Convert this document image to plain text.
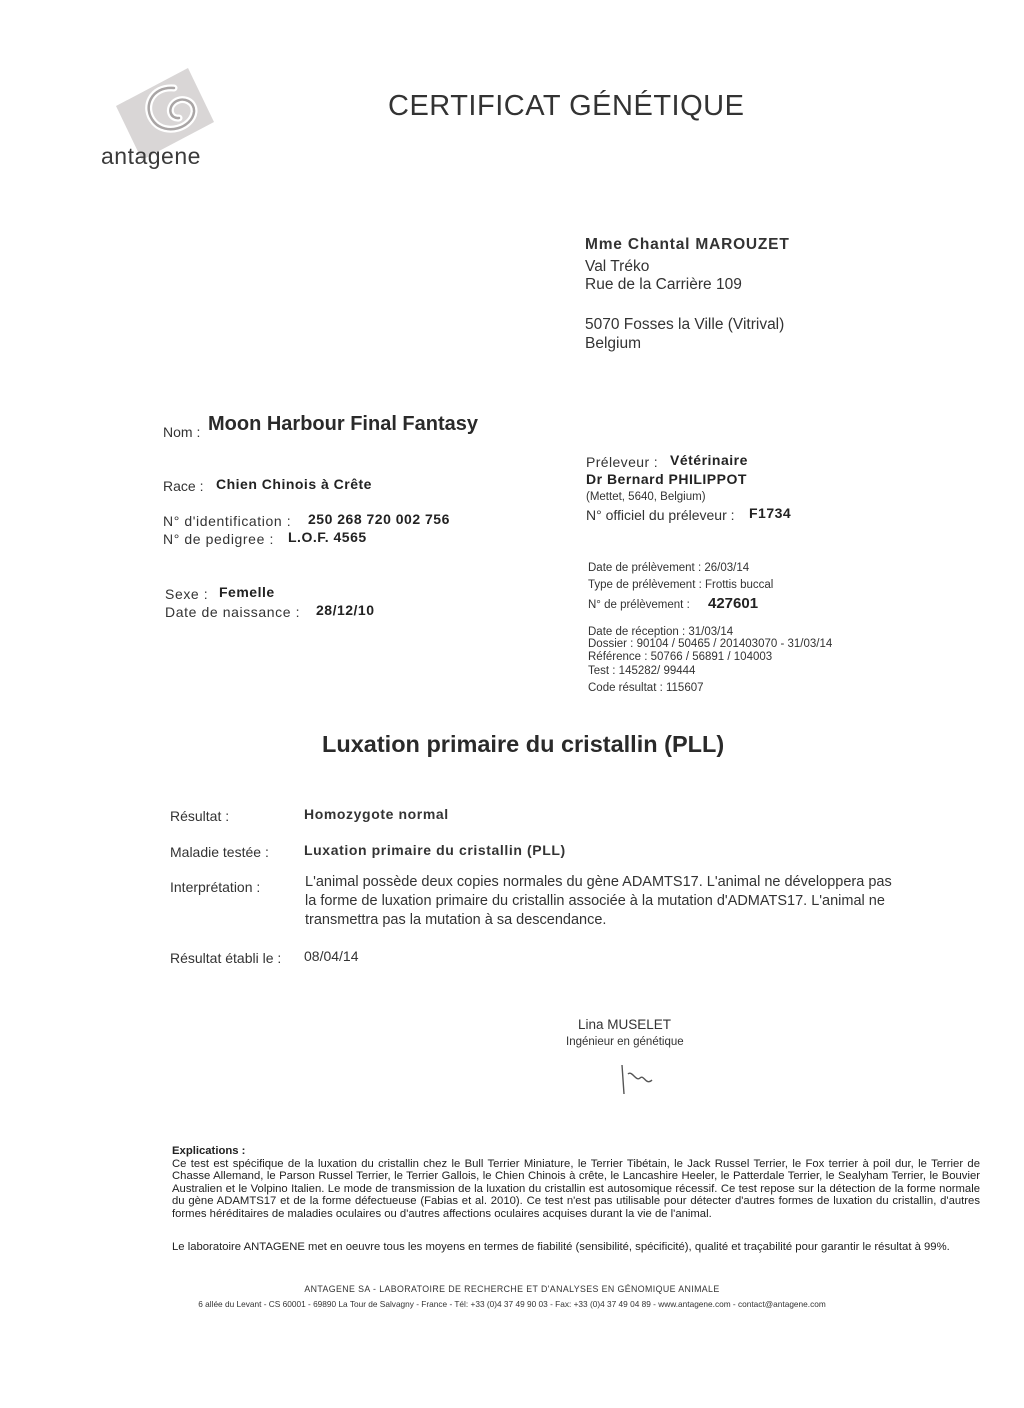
antagene
CERTIFICAT GÉNÉTIQUE
Mme Chantal MAROUZET
Val Tréko
Rue de la Carrière 109
5070 Fosses la Ville (Vitrival)
Belgium
Nom : Moon Harbour Final Fantasy
Race : Chien Chinois à Crête
N° d'identification : 250 268 720 002 756
N° de pedigree : L.O.F. 4565
Sexe : Femelle
Date de naissance : 28/12/10
Préleveur : Vétérinaire
Dr Bernard PHILIPPOT
(Mettet, 5640, Belgium)
N° officiel du préleveur : F1734
Date de prélèvement : 26/03/14
Type de prélèvement : Frottis buccal
N° de prélèvement : 427601
Date de réception : 31/03/14
Dossier : 90104 / 50465 / 201403070 - 31/03/14
Référence : 50766 / 56891 / 104003
Test : 145282/ 99444
Code résultat : 115607
Luxation primaire du cristallin (PLL)
Résultat :	Homozygote normal
Maladie testée :	Luxation primaire du cristallin (PLL)
Interprétation :	L'animal possède deux copies normales du gène ADAMTS17. L'animal ne développera pas la forme de luxation primaire du cristallin associée à la mutation d'ADMATS17. L'animal ne transmettra pas la mutation à sa descendance.
Résultat établi le : 08/04/14
Lina MUSELET
Ingénieur en génétique
Explications :
Ce test est spécifique de la luxation du cristallin chez le Bull Terrier Miniature, le Terrier Tibétain, le Jack Russel Terrier, le Fox terrier à poil dur, le Terrier de Chasse Allemand, le Parson Russel Terrier, le Terrier Gallois, le Chien Chinois à crête, le Lancashire Heeler, le Patterdale Terrier, le Sealyham Terrier, le Bouvier Australien et le Volpino Italien. Le mode de transmission de la luxation du cristallin est autosomique récessif. Ce test repose sur la détection de la forme normale du gène ADAMTS17 et de la forme défectueuse (Fabias et al. 2010). Ce test n'est pas utilisable pour détecter d'autres formes de luxation du cristallin, d'autres formes héréditaires de maladies oculaires ou d'autres affections oculaires acquises durant la vie de l'animal.
Le laboratoire ANTAGENE met en oeuvre tous les moyens en termes de fiabilité (sensibilité, spécificité), qualité et traçabilité pour garantir le résultat à 99%.
ANTAGENE SA - LABORATOIRE DE RECHERCHE ET D'ANALYSES EN GÉNOMIQUE ANIMALE
6 allée du Levant - CS 60001 - 69890 La Tour de Salvagny - France - Tél: +33 (0)4 37 49 90 03 - Fax: +33 (0)4 37 49 04 89 - www.antagene.com - contact@antagene.com
